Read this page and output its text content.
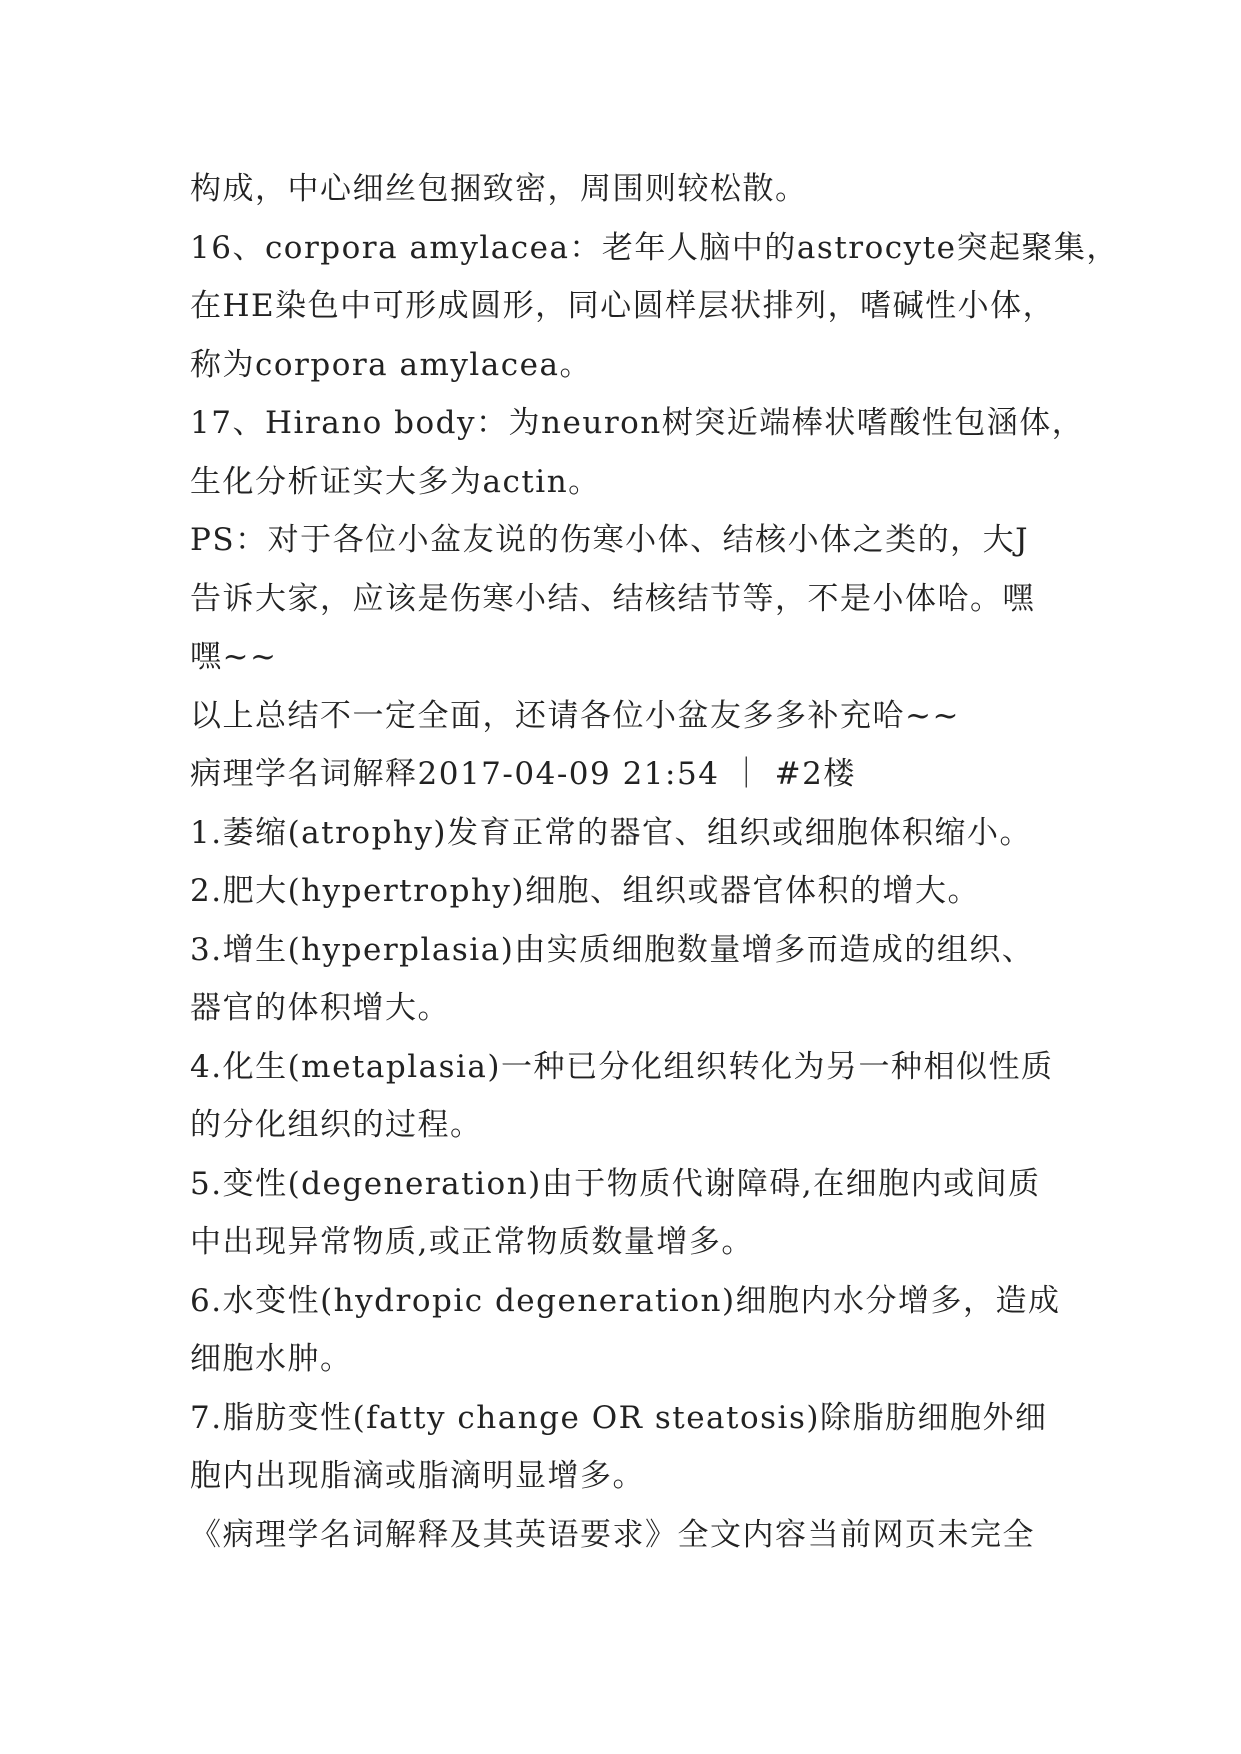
构成，中心细丝包捆致密，周围则较松散。
16、corpora amylacea：老年人脑中的astrocyte突起聚集，
在HE染色中可形成圆形，同心圆样层状排列，嗜碱性小体，
称为corpora amylacea。
17、Hirano body：为neuron树突近端棒状嗜酸性包涵体，
生化分析证实大多为actin。
PS：对于各位小盆友说的伤寒小体、结核小体之类的，大J
告诉大家，应该是伤寒小结、结核结节等，不是小体哈。嘿
嘿~~
以上总结不一定全面，还请各位小盆友多多补充哈~~
病理学名词解释2017-04-09 21:54 ｜ #2楼
1.萎缩(atrophy)发育正常的器官、组织或细胞体积缩小。
2.肥大(hypertrophy)细胞、组织或器官体积的增大。
3.增生(hyperplasia)由实质细胞数量增多而造成的组织、
器官的体积增大。
4.化生(metaplasia)一种已分化组织转化为另一种相似性质
的分化组织的过程。
5.变性(degeneration)由于物质代谢障碍,在细胞内或间质
中出现异常物质,或正常物质数量增多。
6.水变性(hydropic degeneration)细胞内水分增多，造成
细胞水肿。
7.脂肪变性(fatty change OR steatosis)除脂肪细胞外细
胞内出现脂滴或脂滴明显增多。
《病理学名词解释及其英语要求》全文内容当前网页未完全
